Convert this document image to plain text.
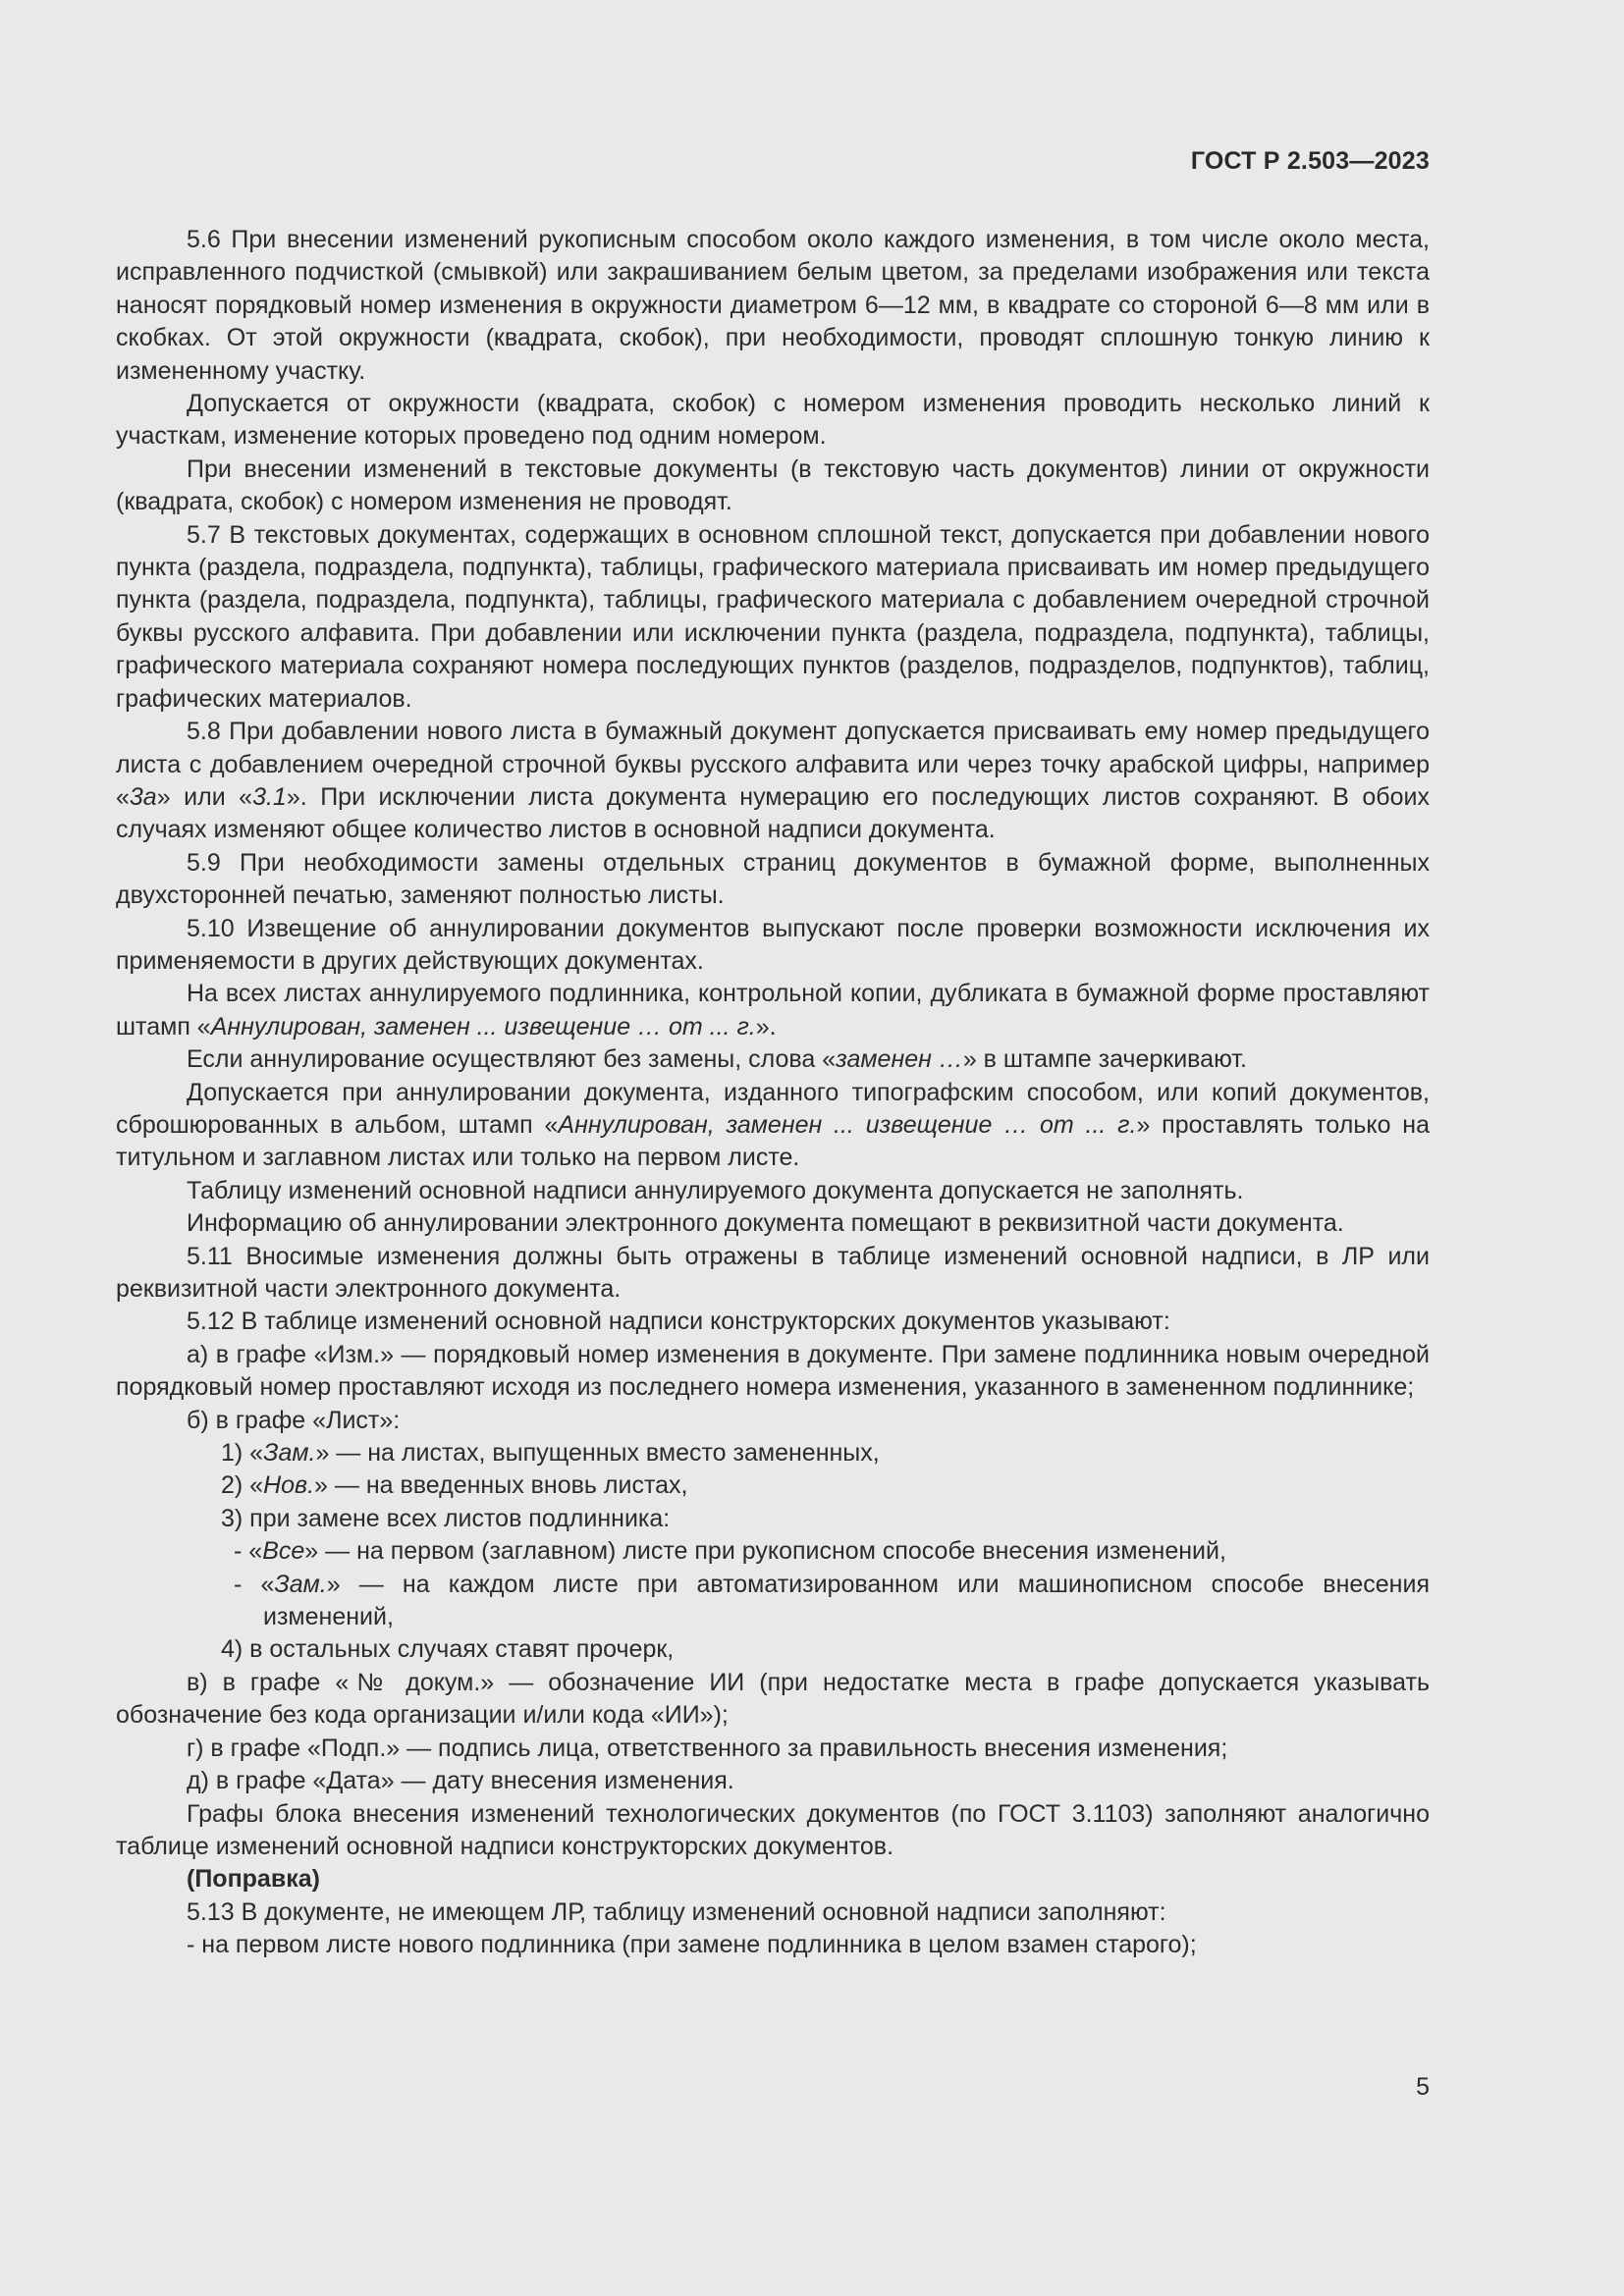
ГОСТ Р 2.503—2023

5.6 При внесении изменений рукописным способом около каждого изменения, в том числе около места, исправленного подчисткой (смывкой) или закрашиванием белым цветом, за пределами изображения или текста наносят порядковый номер изменения в окружности диаметром 6—12 мм, в квадрате со стороной 6—8 мм или в скобках. От этой окружности (квадрата, скобок), при необходимости, проводят сплошную тонкую линию к измененному участку.

Допускается от окружности (квадрата, скобок) с номером изменения проводить несколько линий к участкам, изменение которых проведено под одним номером.

При внесении изменений в текстовые документы (в текстовую часть документов) линии от окружности (квадрата, скобок) с номером изменения не проводят.

5.7 В текстовых документах, содержащих в основном сплошной текст, допускается при добавлении нового пункта (раздела, подраздела, подпункта), таблицы, графического материала присваивать им номер предыдущего пункта (раздела, подраздела, подпункта), таблицы, графического материала с добавлением очередной строчной буквы русского алфавита. При добавлении или исключении пункта (раздела, подраздела, подпункта), таблицы, графического материала сохраняют номера последующих пунктов (разделов, подразделов, подпунктов), таблиц, графических материалов.

5.8 При добавлении нового листа в бумажный документ допускается присваивать ему номер предыдущего листа с добавлением очередной строчной буквы русского алфавита или через точку арабской цифры, например «3а» или «3.1». При исключении листа документа нумерацию его последующих листов сохраняют. В обоих случаях изменяют общее количество листов в основной надписи документа.

5.9 При необходимости замены отдельных страниц документов в бумажной форме, выполненных двухсторонней печатью, заменяют полностью листы.

5.10 Извещение об аннулировании документов выпускают после проверки возможности исключения их применяемости в других действующих документах.

На всех листах аннулируемого подлинника, контрольной копии, дубликата в бумажной форме проставляют штамп «Аннулирован, заменен ... извещение … от ... г.».

Если аннулирование осуществляют без замены, слова «заменен …» в штампе зачеркивают.

Допускается при аннулировании документа, изданного типографским способом, или копий документов, сброшюрованных в альбом, штамп «Аннулирован, заменен ... извещение … от ... г.» проставлять только на титульном и заглавном листах или только на первом листе.

Таблицу изменений основной надписи аннулируемого документа допускается не заполнять.

Информацию об аннулировании электронного документа помещают в реквизитной части документа.

5.11 Вносимые изменения должны быть отражены в таблице изменений основной надписи, в ЛР или реквизитной части электронного документа.

5.12 В таблице изменений основной надписи конструкторских документов указывают:

а) в графе «Изм.» — порядковый номер изменения в документе. При замене подлинника новым очередной порядковый номер проставляют исходя из последнего номера изменения, указанного в замененном подлиннике;

б) в графе «Лист»:

1) «Зам.» — на листах, выпущенных вместо замененных,

2) «Нов.» — на введенных вновь листах,

3) при замене всех листов подлинника:

- «Все» — на первом (заглавном) листе при рукописном способе внесения изменений,

- «Зам.» — на каждом листе при автоматизированном или машинописном способе внесения изменений,

4) в остальных случаях ставят прочерк,

в) в графе «№ докум.» — обозначение ИИ (при недостатке места в графе допускается указывать обозначение без кода организации и/или кода «ИИ»);

г) в графе «Подп.» — подпись лица, ответственного за правильность внесения изменения;

д) в графе «Дата» — дату внесения изменения.

Графы блока внесения изменений технологических документов (по ГОСТ 3.1103) заполняют аналогично таблице изменений основной надписи конструкторских документов.

(Поправка)

5.13 В документе, не имеющем ЛР, таблицу изменений основной надписи заполняют:

- на первом листе нового подлинника (при замене подлинника в целом взамен старого);

5
